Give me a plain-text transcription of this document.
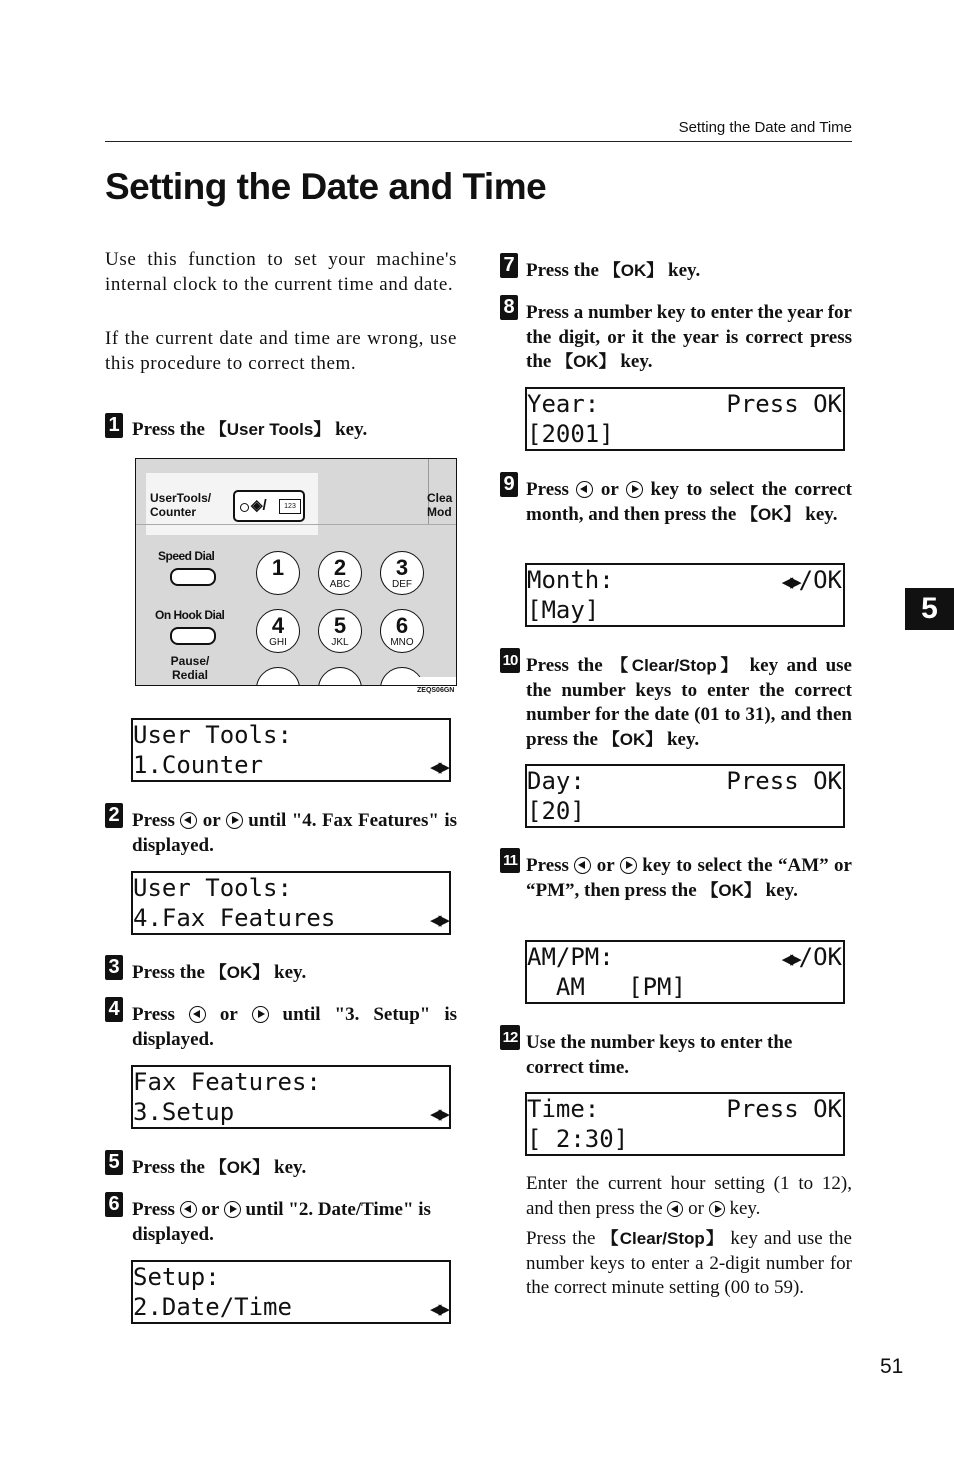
Setting the Date and Time
Setting the Date and Time
Use this function to set your machine's internal clock to the current time and date.
If the current date and time are wrong, use this procedure to correct them.
1 Press the 【User Tools】 key.
UserTools/
Counter	◈/	123
Clea
Mod
Speed Dial
On Hook Dial
Pause/
Redial
1	2
ABC
3
DEF
4
GHI
5
JKL
6
MNO
ZEQS06GN
User Tools:
1.Counter	◀▶
2 Press  or  until "4. Fax Features" is displayed.
User Tools:
4.Fax Features	◀▶
3 Press the 【OK】 key.
4 Press  or  until "3. Setup" is displayed.
Fax Features:
3.Setup	◀▶
5 Press the 【OK】 key.
6 Press  or  until "2. Date/Time" is displayed.
Setup:
2.Date/Time	◀▶
7 Press the 【OK】 key.
8 Press a number key to enter the year for the digit, or it the year is correct press the 【OK】 key.
Year:	Press OK
[2001]
9 Press  or  key to select the correct month, and then press the 【OK】 key.
Month:	◀▶/OK
[May]
10 Press the 【Clear/Stop】 key and use the number keys to enter the correct number for the date (01 to 31), and then press the 【OK】 key.
Day:	Press OK
[20]
11 Press  or  key to select the “AM” or “PM”, then press the 【OK】 key.
AM/PM:	◀▶/OK
AM   [PM]
12 Use the number keys to enter the correct time.
Time:	Press OK
[ 2:30]
Enter the current hour setting (1 to 12), and then press the  or  key.
Press the 【Clear/Stop】 key and use the number keys to enter a 2-digit number for the correct minute setting (00 to 59).
5
51
